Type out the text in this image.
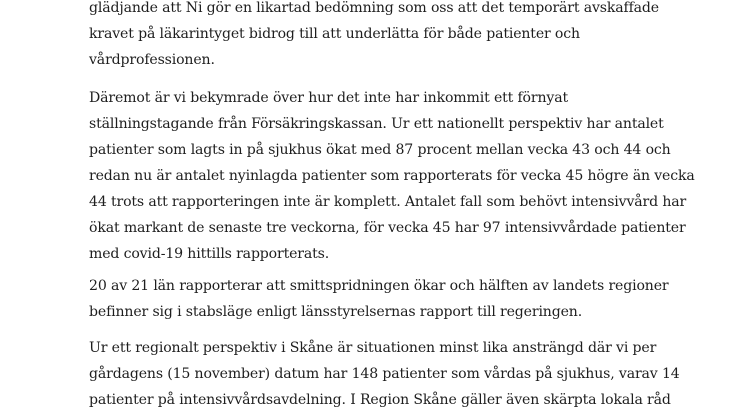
glädjande att Ni gör en likartad bedömning som oss att det temporärt avskaffade
kravet på läkarintyget bidrog till att underlätta för både patienter och
vårdprofessionen.
Däremot är vi bekymrade över hur det inte har inkommit ett förnyat
ställningstagande från Försäkringskassan. Ur ett nationellt perspektiv har antalet
patienter som lagts in på sjukhus ökat med 87 procent mellan vecka 43 och 44 och
redan nu är antalet nyinlagda patienter som rapporterats för vecka 45 högre än vecka
44 trots att rapporteringen inte är komplett. Antalet fall som behövt intensivvård har
ökat markant de senaste tre veckorna, för vecka 45 har 97 intensivvårdade patienter
med covid-19 hittills rapporterats.
20 av 21 län rapporterar att smittspridningen ökar och hälften av landets regioner
befinner sig i stabsläge enligt länsstyrelsernas rapport till regeringen.
Ur ett regionalt perspektiv i Skåne är situationen minst lika ansträngd där vi per
gårdagens (15 november) datum har 148 patienter som vårdas på sjukhus, varav 14
patienter på intensivvårdsavdelning. I Region Skåne gäller även skärpta lokala råd
